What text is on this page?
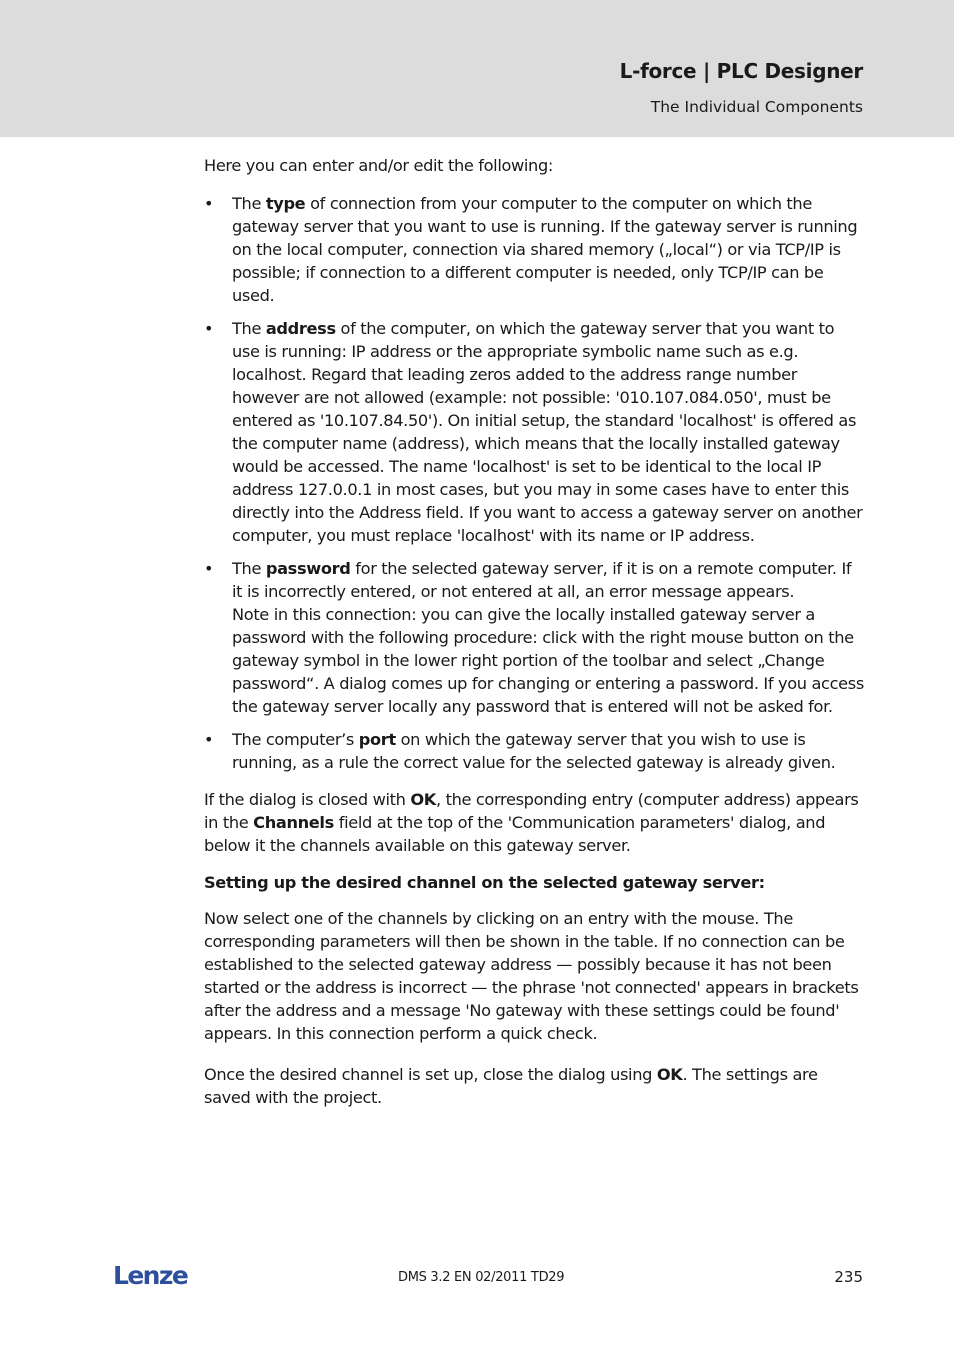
L-force | PLC Designer
The Individual Components

Here you can enter and/or edit the following:

• The type of connection from your computer to the computer on which the gateway server that you want to use is running. If the gateway server is running on the local computer, connection via shared memory („local“) or via TCP/IP is possible; if connection to a different computer is needed, only TCP/IP can be used.
• The address of the computer, on which the gateway server that you want to use is running: IP address or the appropriate symbolic name such as e.g. localhost. Regard that leading zeros added to the address range number however are not allowed (example: not possible: '010.107.084.050', must be entered as '10.107.84.50'). On initial setup, the standard 'localhost' is offered as the computer name (address), which means that the locally installed gateway would be accessed. The name 'localhost' is set to be identical to the local IP address 127.0.0.1 in most cases, but you may in some cases have to enter this directly into the Address field. If you want to access a gateway server on another computer, you must replace 'localhost' with its name or IP address.
• The password for the selected gateway server, if it is on a remote computer. If it is incorrectly entered, or not entered at all, an error message appears.
Note in this connection: you can give the locally installed gateway server a password with the following procedure: click with the right mouse button on the gateway symbol in the lower right portion of the toolbar and select „Change password“. A dialog comes up for changing or entering a password. If you access the gateway server locally any password that is entered will not be asked for.
• The computer’s port on which the gateway server that you wish to use is running, as a rule the correct value for the selected gateway is already given.

If the dialog is closed with OK, the corresponding entry (computer address) appears in the Channels field at the top of the 'Communication parameters' dialog, and below it the channels available on this gateway server.

Setting up the desired channel on the selected gateway server:

Now select one of the channels by clicking on an entry with the mouse. The corresponding parameters will then be shown in the table. If no connection can be established to the selected gateway address — possibly because it has not been started or the address is incorrect — the phrase 'not connected' appears in brackets after the address and a message 'No gateway with these settings could be found' appears. In this connection perform a quick check.

Once the desired channel is set up, close the dialog using OK. The settings are saved with the project.

Lenze	DMS 3.2 EN 02/2011 TD29	235
